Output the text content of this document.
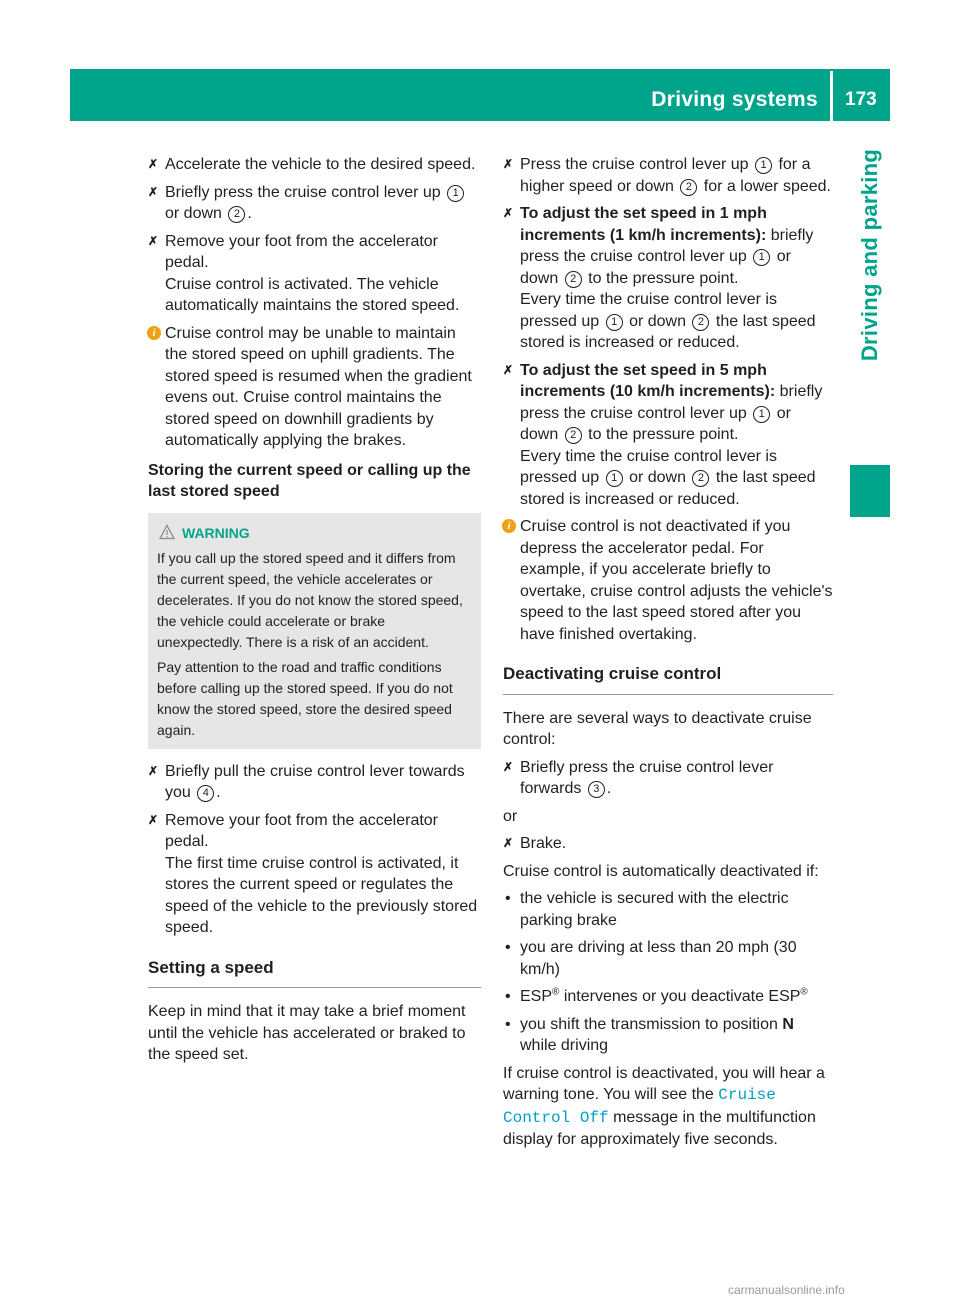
Driving systems 173
Driving and parking
✗ Accelerate the vehicle to the desired speed.
✗ Briefly press the cruise control lever up 1 or down 2 .
✗ Remove your foot from the accelerator pedal.
Cruise control is activated. The vehicle automatically maintains the stored speed.
i Cruise control may be unable to maintain the stored speed on uphill gradients. The stored speed is resumed when the gradient evens out. Cruise control maintains the stored speed on downhill gradients by automatically applying the brakes.
Storing the current speed or calling up the last stored speed
WARNING

If you call up the stored speed and it differs from the current speed, the vehicle accelerates or decelerates. If you do not know the stored speed, the vehicle could accelerate or brake unexpectedly. There is a risk of an accident.

Pay attention to the road and traffic conditions before calling up the stored speed. If you do not know the stored speed, store the desired speed again.

✗ Briefly pull the cruise control lever towards you 4 .
✗ Remove your foot from the accelerator pedal.
The first time cruise control is activated, it stores the current speed or regulates the speed of the vehicle to the previously stored speed.
Setting a speed
Keep in mind that it may take a brief moment until the vehicle has accelerated or braked to the speed set.
✗ Press the cruise control lever up 1 for a higher speed or down 2 for a lower speed.
✗ To adjust the set speed in 1 mph increments (1 km/h increments): briefly press the cruise control lever up 1 or down 2 to the pressure point.
Every time the cruise control lever is pressed up 1 or down 2 the last speed stored is increased or reduced.
✗ To adjust the set speed in 5 mph increments (10 km/h increments): briefly press the cruise control lever up 1 or down 2 to the pressure point.
Every time the cruise control lever is pressed up 1 or down 2 the last speed stored is increased or reduced.
i Cruise control is not deactivated if you depress the accelerator pedal. For example, if you accelerate briefly to overtake, cruise control adjusts the vehicle's speed to the last speed stored after you have finished overtaking.
Deactivating cruise control
There are several ways to deactivate cruise control:
✗ Briefly press the cruise control lever forwards 3 .
or
✗ Brake.
Cruise control is automatically deactivated if:
• the vehicle is secured with the electric parking brake
• you are driving at less than 20 mph (30 km/h)
• ESP® intervenes or you deactivate ESP®
• you shift the transmission to position N
while driving
If cruise control is deactivated, you will hear a warning tone. You will see the Cruise Control Off message in the multifunction display for approximately five seconds.
carmanualsonline.info
